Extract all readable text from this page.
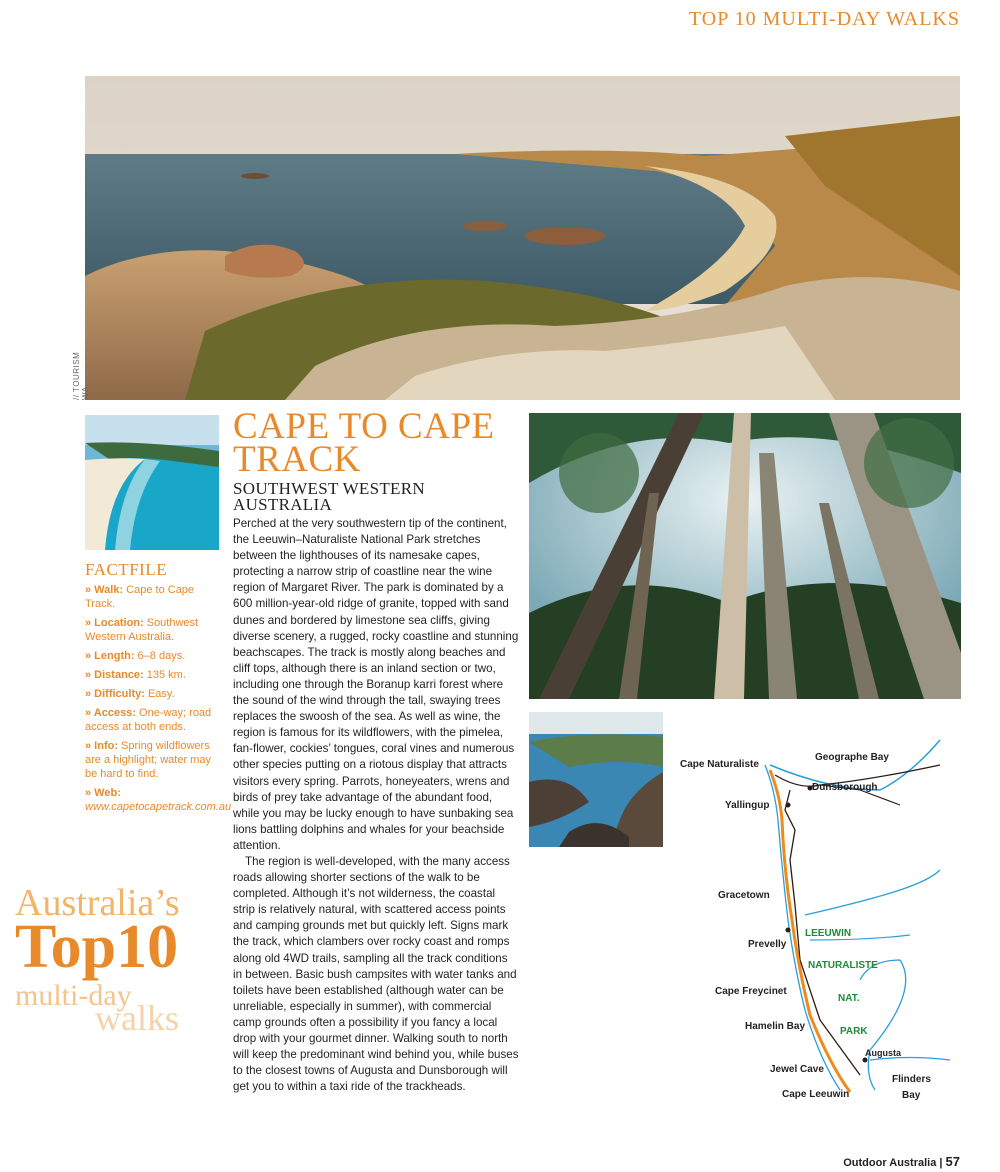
TOP 10 MULTI-DAY WALKS
// TOURISM WA
FACTFILE
» Walk: Cape to Cape Track.
» Location: Southwest Western Australia.
» Length: 6–8 days.
» Distance: 135 km.
» Difficulty: Easy.
» Access: One-way; road access at both ends.
» Info: Spring wildflowers are a highlight; water may be hard to find.
» Web: www.capetocapetrack.com.au
CAPE TO CAPE TRACK
SOUTHWEST WESTERN AUSTRALIA

Perched at the very southwestern tip of the continent, the Leeuwin–Naturaliste National Park stretches between the lighthouses of its namesake capes, protecting a narrow strip of coastline near the wine region of Margaret River. The park is dominated by a 600 million-year-old ridge of granite, topped with sand dunes and bordered by limestone sea cliffs, giving diverse scenery, a rugged, rocky coastline and stunning beachscapes. The track is mostly along beaches and cliff tops, although there is an inland section or two, including one through the Boranup karri forest where the sound of the wind through the tall, swaying trees replaces the swoosh of the sea. As well as wine, the region is famous for its wildflowers, with the pimelea, fan-flower, cockies’ tongues, coral vines and numerous other species putting on a riotous display that attracts visitors every spring. Parrots, honeyeaters, wrens and birds of prey take advantage of the abundant food, while you may be lucky enough to have sunbaking sea lions battling dolphins and whales for your beachside attention.

The region is well-developed, with the many access roads allowing shorter sections of the walk to be completed. Although it’s not wilderness, the coastal strip is relatively natural, with scattered access points and camping grounds met but quickly left. Signs mark the track, which clambers over rocky coast and romps along old 4WD trails, sampling all the track conditions in between. Basic bush campsites with water tanks and toilets have been established (although water can be unreliable, especially in summer), with commercial camp grounds often a possibility if you fancy a local drop with your gourmet dinner. Walking south to north will keep the predominant wind behind you, while buses to the closest towns of Augusta and Dunsborough will get you to within a taxi ride of the trackheads.

Cape Naturaliste
Geographe Bay
Dunsborough
Yallingup
Gracetown
Prevelly
Cape Freycinet
Hamelin Bay
Jewel Cave
Cape Leeuwin
Augusta
Flinders
Bay
LEEUWIN
NATURALISTE
NAT.
PARK
Australia’s
Top10
multi-day
walks
Outdoor Australia | 57
